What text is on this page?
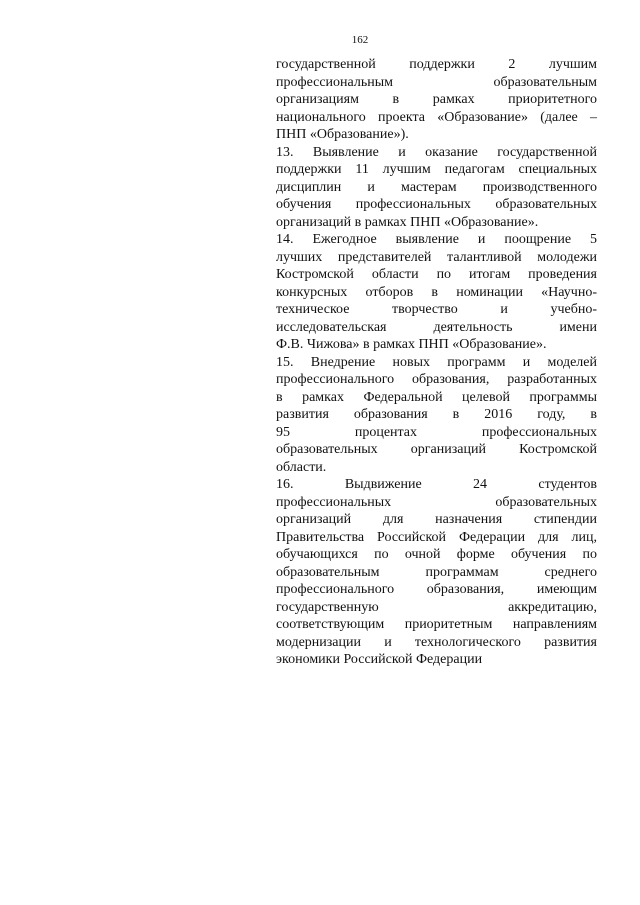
162
государственной поддержки 2 лучшим
профессиональным образовательным
организациям в рамках приоритетного
национального проекта «Образование» (далее –
ПНП «Образование»).
13. Выявление и оказание государственной
поддержки 11 лучшим педагогам специальных
дисциплин и мастерам производственного
обучения профессиональных образовательных
организаций в рамках ПНП «Образование».
14. Ежегодное выявление и поощрение 5
лучших представителей талантливой молодежи
Костромской области по итогам проведения
конкурсных отборов в номинации «Научно-
техническое творчество и учебно-
исследовательская деятельность имени
Ф.В. Чижова» в рамках ПНП «Образование».
15. Внедрение новых программ и моделей
профессионального образования, разработанных
в рамках Федеральной целевой программы
развития образования в 2016 году, в
95 процентах профессиональных
образовательных организаций Костромской
области.
16. Выдвижение 24 студентов
профессиональных образовательных
организаций для назначения стипендии
Правительства Российской Федерации для лиц,
обучающихся по очной форме обучения по
образовательным программам среднего
профессионального образования, имеющим
государственную аккредитацию,
соответствующим приоритетным направлениям
модернизации и технологического развития
экономики Российской Федерации
